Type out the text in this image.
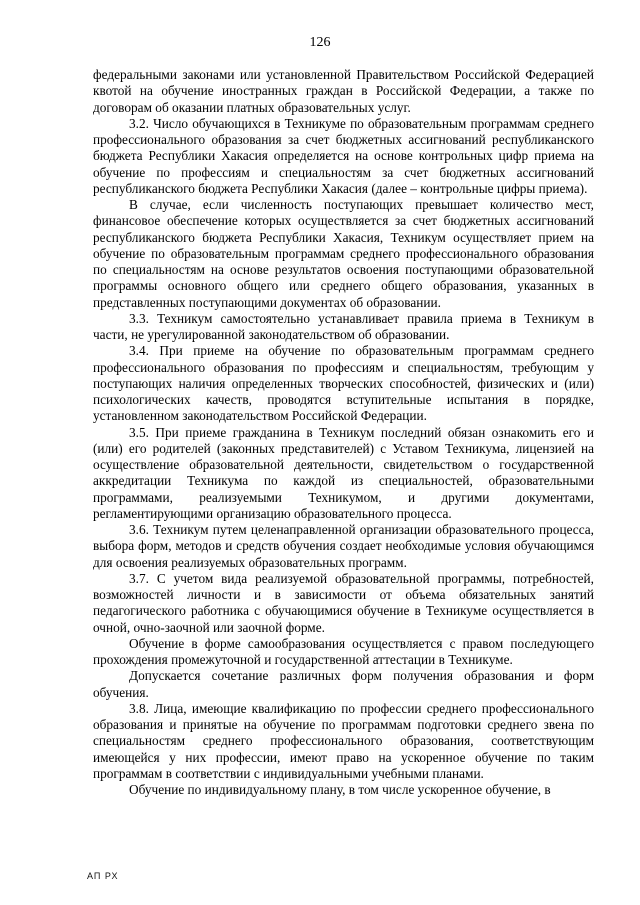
126

федеральными законами или установленной Правительством Российской Федерацией квотой на обучение иностранных граждан в Российской Федерации, а также по договорам об оказании платных образовательных услуг.

3.2. Число обучающихся в Техникуме по образовательным программам среднего профессионального образования за счет бюджетных ассигнований республиканского бюджета Республики Хакасия определяется на основе контрольных цифр приема на обучение по профессиям и специальностям за счет бюджетных ассигнований республиканского бюджета Республики Хакасия (далее – контрольные цифры приема).

В случае, если численность поступающих превышает количество мест, финансовое обеспечение которых осуществляется за счет бюджетных ассигнований республиканского бюджета Республики Хакасия, Техникум осуществляет прием на обучение по образовательным программам среднего профессионального образования по специальностям на основе результатов освоения поступающими образовательной программы основного общего или среднего общего образования, указанных в представленных поступающими документах об образовании.

3.3. Техникум самостоятельно устанавливает правила приема в Техникум в части, не урегулированной законодательством об образовании.

3.4. При приеме на обучение по образовательным программам среднего профессионального образования по профессиям и специальностям, требующим у поступающих наличия определенных творческих способностей, физических и (или) психологических качеств, проводятся вступительные испытания в порядке, установленном законодательством Российской Федерации.

3.5. При приеме гражданина в Техникум последний обязан ознакомить его и (или) его родителей (законных представителей) с Уставом Техникума, лицензией на осуществление образовательной деятельности, свидетельством о государственной аккредитации Техникума по каждой из специальностей, образовательными программами, реализуемыми Техникумом, и другими документами, регламентирующими организацию образовательного процесса.

3.6. Техникум путем целенаправленной организации образовательного процесса, выбора форм, методов и средств обучения создает необходимые условия обучающимся для освоения реализуемых образовательных программ.

3.7. С учетом вида реализуемой образовательной программы, потребностей, возможностей личности и в зависимости от объема обязательных занятий педагогического работника с обучающимися обучение в Техникуме осуществляется в очной, очно-заочной или заочной форме.

Обучение в форме самообразования осуществляется с правом последующего прохождения промежуточной и государственной аттестации в Техникуме.

Допускается сочетание различных форм получения образования и форм обучения.

3.8. Лица, имеющие квалификацию по профессии среднего профессионального образования и принятые на обучение по программам подготовки среднего звена по специальностям среднего профессионального образования, соответствующим имеющейся у них профессии, имеют право на ускоренное обучение по таким программам в соответствии с индивидуальными учебными планами.

Обучение по индивидуальному плану, в том числе ускоренное обучение, в

АП РХ
